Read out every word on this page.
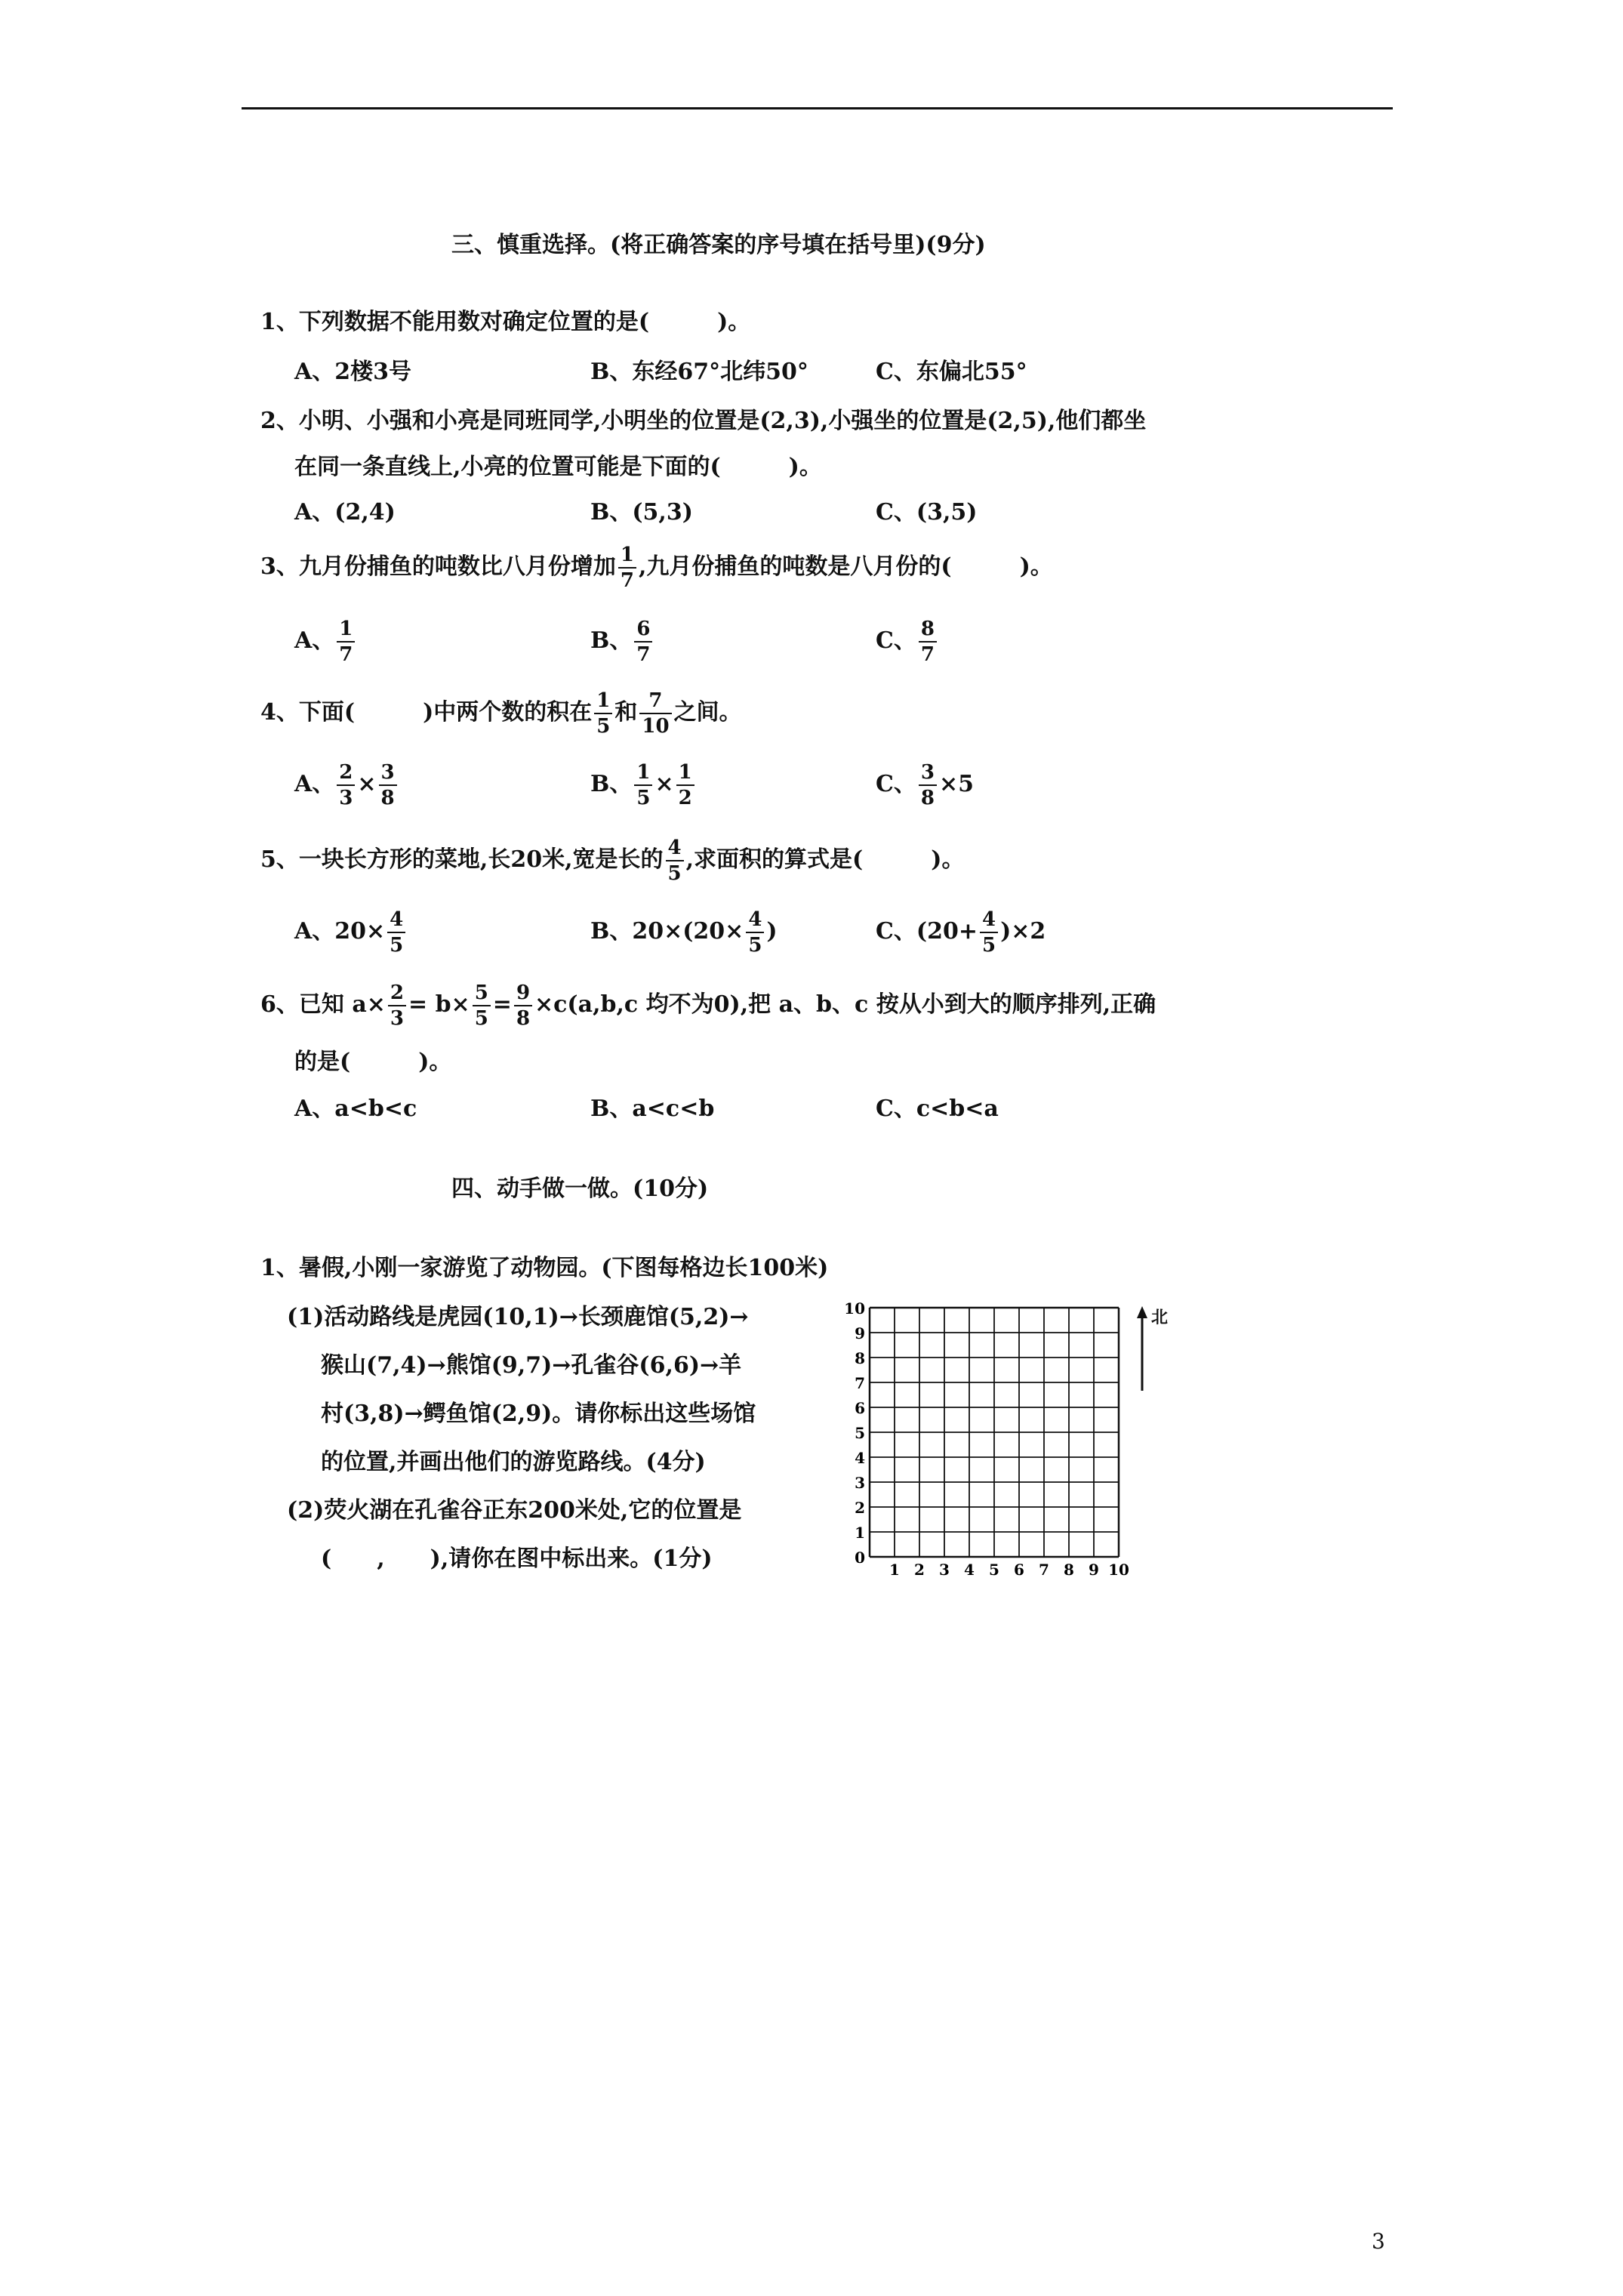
三、慎重选择。(将正确答案的序号填在括号里)(9分)
1、下列数据不能用数对确定位置的是(　　　)。
A、2楼3号	B、东经67°北纬50°	C、东偏北55°
2、小明、小强和小亮是同班同学,小明坐的位置是(2,3),小强坐的位置是(2,5),他们都坐
在同一条直线上,小亮的位置可能是下面的(　　　)。
A、(2,4)	B、(5,3)	C、(3,5)
3、九月份捕鱼的吨数比八月份增加 $\frac{1}{7}$ ,九月份捕鱼的吨数是八月份的(　　　)。
A、 $\frac{1}{7}$	B、 $\frac{6}{7}$	C、 $\frac{8}{7}$
4、下面(　　　)中两个数的积在 $\frac{1}{5}$ 和 $\frac{7}{10}$ 之间。
A、 $\frac{2}{3} \times \frac{3}{8}$	B、 $\frac{1}{5} \times \frac{1}{2}$	C、 $\frac{3}{8} \times 5$
5、一块长方形的菜地,长20米,宽是长的 $\frac{4}{5}$ ,求面积的算式是(　　　)。
A、$20\times \frac{4}{5}$	B、$20\times(20\times \frac{4}{5}$ )	C、$(20+ \frac{4}{5} )\times 2$
6、已知 $a\times \frac{2}{3} = b\times \frac{5}{5} = \frac{9}{8} \times c(a,b,c$ 均不为0),把 a、b、c 按从小到大的顺序排列,正确
的是(　　　)。
A、a<b<c	B、a<c<b	C、c<b<a
四、动手做一做。(10分)
1、暑假,小刚一家游览了动物园。(下图每格边长100米)
(1)活动路线是虎园(10,1)→长颈鹿馆(5,2)→
猴山(7,4)→熊馆(9,7)→孔雀谷(6,6)→羊
村(3,8)→鳄鱼馆(2,9)。请你标出这些场馆
的位置,并画出他们的游览路线。(4分)
(2)荧火湖在孔雀谷正东200米处,它的位置是
(　　,　　),请你在图中标出来。(1分)
10
9
8
7
6
5
4
3
2
1
0
1 2 3 4 5 6 7 8 9 10
北
3
